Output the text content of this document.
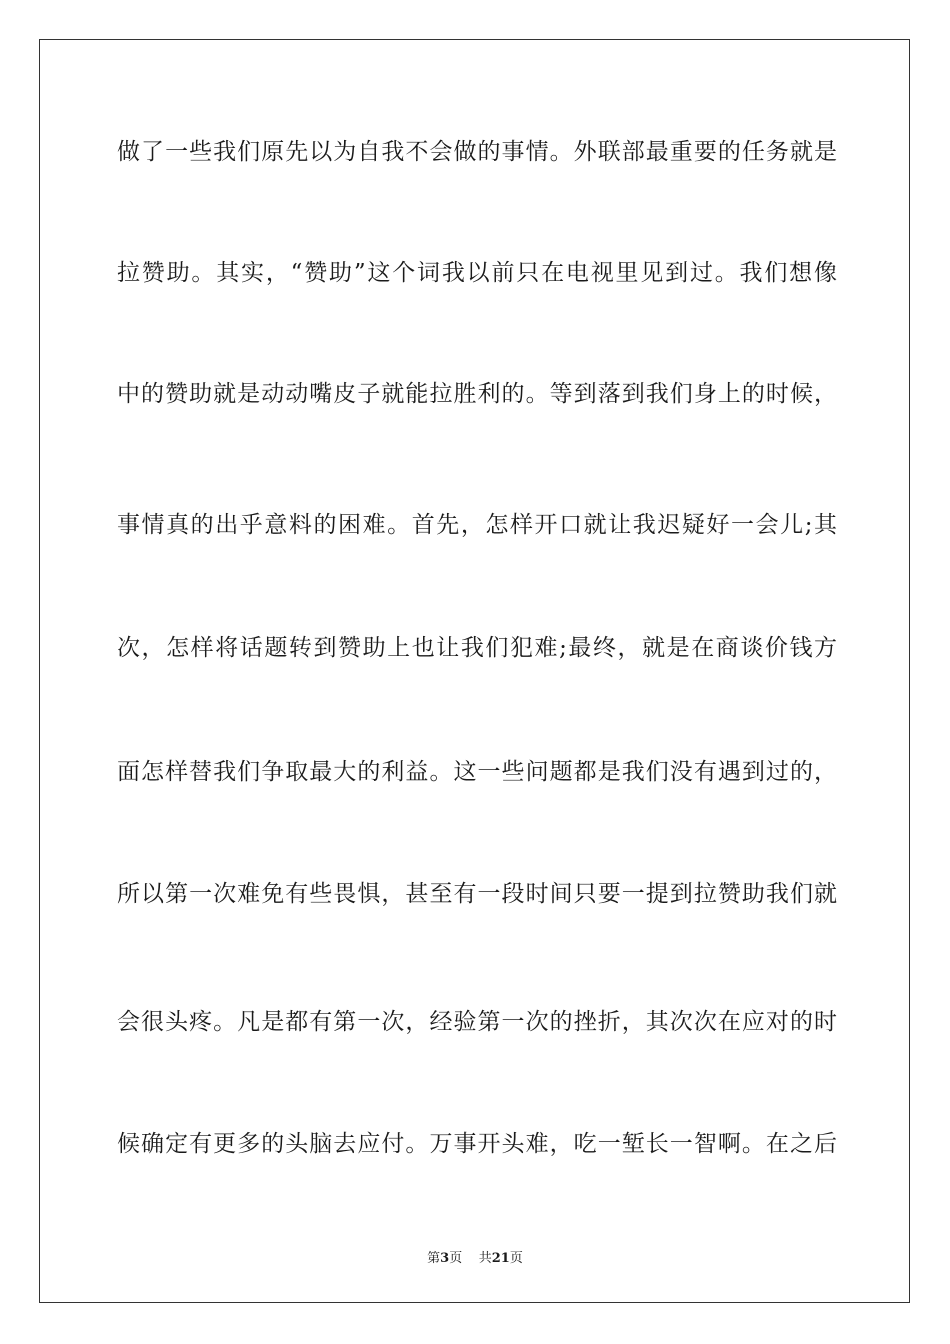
做了一些我们原先以为自我不会做的事情。外联部最重要的任务就是
拉赞助。其实，“赞助”这个词我以前只在电视里见到过。我们想像
中的赞助就是动动嘴皮子就能拉胜利的。等到落到我们身上的时候，
事情真的出乎意料的困难。首先，怎样开口就让我迟疑好一会儿;其
次，怎样将话题转到赞助上也让我们犯难;最终，就是在商谈价钱方
面怎样替我们争取最大的利益。这一些问题都是我们没有遇到过的，
所以第一次难免有些畏惧，甚至有一段时间只要一提到拉赞助我们就
会很头疼。凡是都有第一次，经验第一次的挫折，其次次在应对的时
候确定有更多的头脑去应付。万事开头难，吃一堑长一智啊。在之后
第3页 共21页
